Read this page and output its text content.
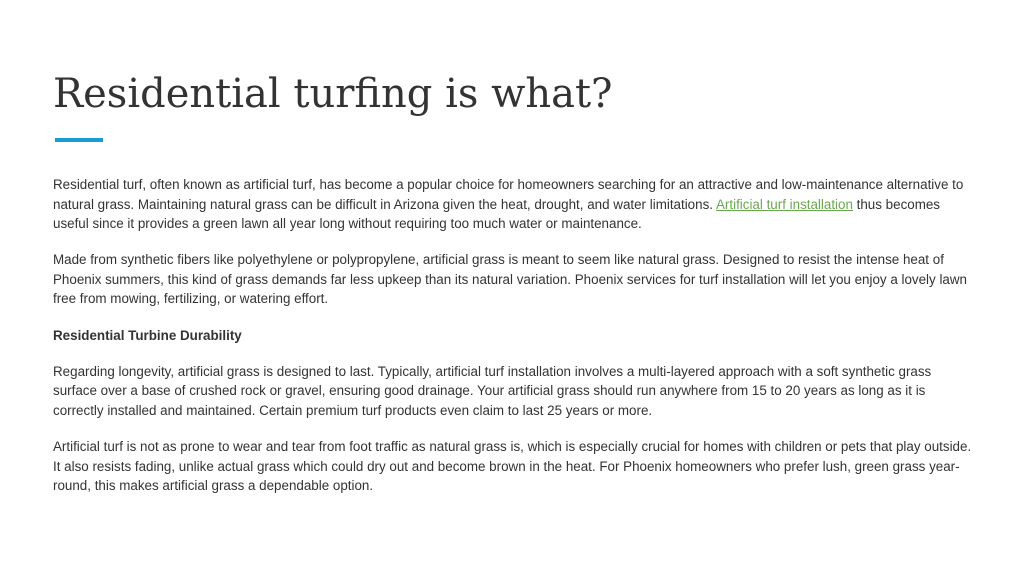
Residential turfing is what?

Residential turf, often known as artificial turf, has become a popular choice for homeowners searching for an attractive and low-maintenance alternative to natural grass. Maintaining natural grass can be difficult in Arizona given the heat, drought, and water limitations. Artificial turf installation thus becomes useful since it provides a green lawn all year long without requiring too much water or maintenance.

Made from synthetic fibers like polyethylene or polypropylene, artificial grass is meant to seem like natural grass. Designed to resist the intense heat of Phoenix summers, this kind of grass demands far less upkeep than its natural variation. Phoenix services for turf installation will let you enjoy a lovely lawn free from mowing, fertilizing, or watering effort.

Residential Turbine Durability

Regarding longevity, artificial grass is designed to last. Typically, artificial turf installation involves a multi-layered approach with a soft synthetic grass surface over a base of crushed rock or gravel, ensuring good drainage. Your artificial grass should run anywhere from 15 to 20 years as long as it is correctly installed and maintained. Certain premium turf products even claim to last 25 years or more.

Artificial turf is not as prone to wear and tear from foot traffic as natural grass is, which is especially crucial for homes with children or pets that play outside. It also resists fading, unlike actual grass which could dry out and become brown in the heat. For Phoenix homeowners who prefer lush, green grass year-round, this makes artificial grass a dependable option.
